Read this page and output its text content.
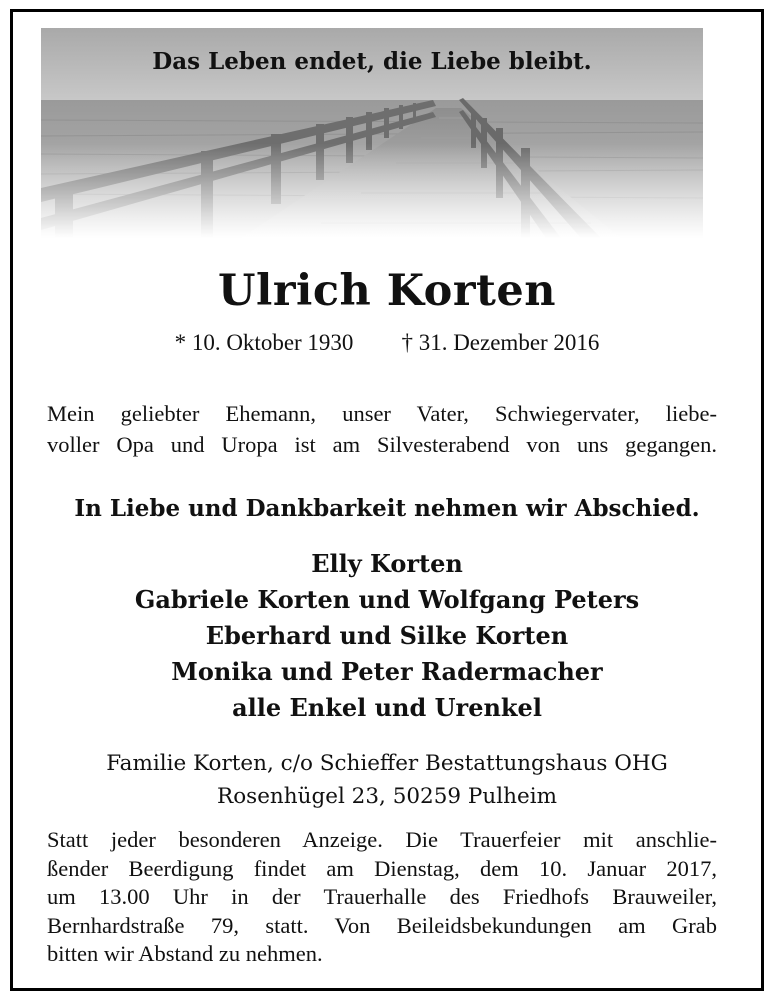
Das Leben endet, die Liebe bleibt.
Ulrich Korten
* 10. Oktober 1930 † 31. Dezember 2016
Mein geliebter Ehemann, unser Vater, Schwiegervater, liebe-
voller Opa und Uropa ist am Silvesterabend von uns gegangen.
In Liebe und Dankbarkeit nehmen wir Abschied.
Elly Korten
Gabriele Korten und Wolfgang Peters
Eberhard und Silke Korten
Monika und Peter Radermacher
alle Enkel und Urenkel
Familie Korten, c/o Schieffer Bestattungshaus OHG
Rosenhügel 23, 50259 Pulheim
Statt jeder besonderen Anzeige. Die Trauerfeier mit anschlie-
ßender Beerdigung findet am Dienstag, dem 10. Januar 2017,
um 13.00 Uhr in der Trauerhalle des Friedhofs Brauweiler,
Bernhardstraße 79, statt. Von Beileidsbekundungen am Grab
bitten wir Abstand zu nehmen.
